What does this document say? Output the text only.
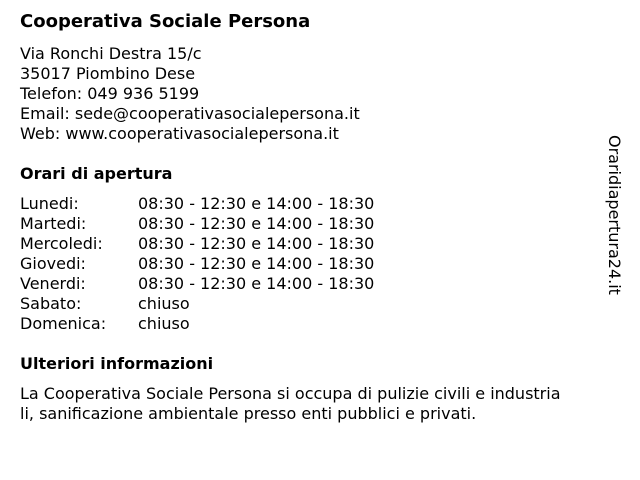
Cooperativa Sociale Persona
Via Ronchi Destra 15/c
35017 Piombino Dese
Telefon: 049 936 5199
Email: sede@cooperativasocialepersona.it
Web: www.cooperativasocialepersona.it
Orari di apertura
Lunedi:	08:30 - 12:30 e 14:00 - 18:30
Martedi:	08:30 - 12:30 e 14:00 - 18:30
Mercoledi: 08:30 - 12:30 e 14:00 - 18:30
Giovedi:	08:30 - 12:30 e 14:00 - 18:30
Venerdi:	08:30 - 12:30 e 14:00 - 18:30
Sabato:	chiuso
Domenica: chiuso
Ulteriori informazioni
La Cooperativa Sociale Persona si occupa di pulizie civili e industria
li, sanificazione ambientale presso enti pubblici e privati.
Oraridiapertura24.it
